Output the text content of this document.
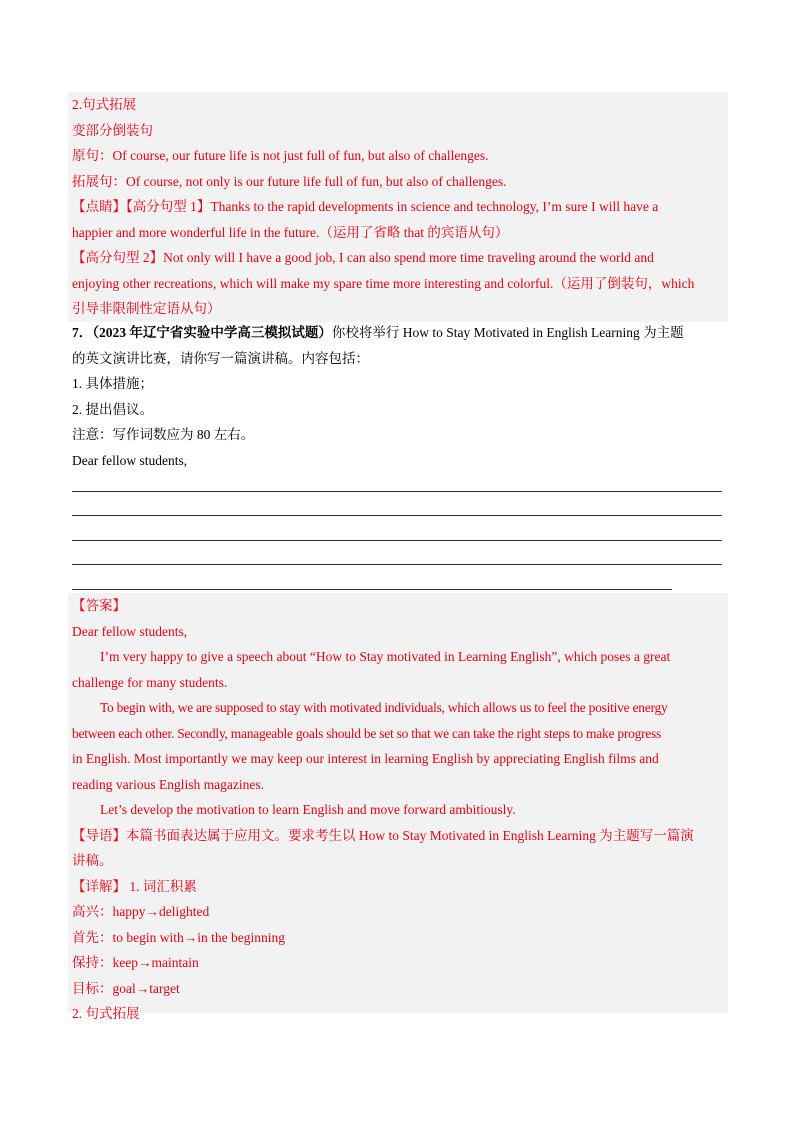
2.句式拓展
变部分倒装句
原句：Of course, our future life is not just full of fun, but also of challenges.
拓展句：Of course, not only is our future life full of fun, but also of challenges.
【点睛】【高分句型 1】Thanks to the rapid developments in science and technology, I’m sure I will have a
happier and more wonderful life in the future.（运用了省略 that 的宾语从句）
【高分句型 2】Not only will I have a good job, I can also spend more time traveling around the world and
enjoying other recreations, which will make my spare time more interesting and colorful.（运用了倒装句，which
引导非限制性定语从句）
7．（2023 年辽宁省实验中学高三模拟试题）你校将举行 How to Stay Motivated in English Learning 为主题
的英文演讲比赛，请你写一篇演讲稿。内容包括：
1. 具体措施；
2. 提出倡议。
注意：写作词数应为 80 左右。
Dear fellow students,
【答案】
Dear fellow students,
I’m very happy to give a speech about “How to Stay motivated in Learning English”, which poses a great
challenge for many students.
To begin with, we are supposed to stay with motivated individuals, which allows us to feel the positive energy
between each other. Secondly, manageable goals should be set so that we can take the right steps to make progress
in English. Most importantly we may keep our interest in learning English by appreciating English films and
reading various English magazines.
Let’s develop the motivation to learn English and move forward ambitiously.
【导语】本篇书面表达属于应用文。要求考生以 How to Stay Motivated in English Learning 为主题写一篇演
讲稿。
【详解】 1. 词汇积累
高兴：happy→delighted
首先：to begin with→in the beginning
保持：keep→maintain
目标：goal→target
2. 句式拓展
